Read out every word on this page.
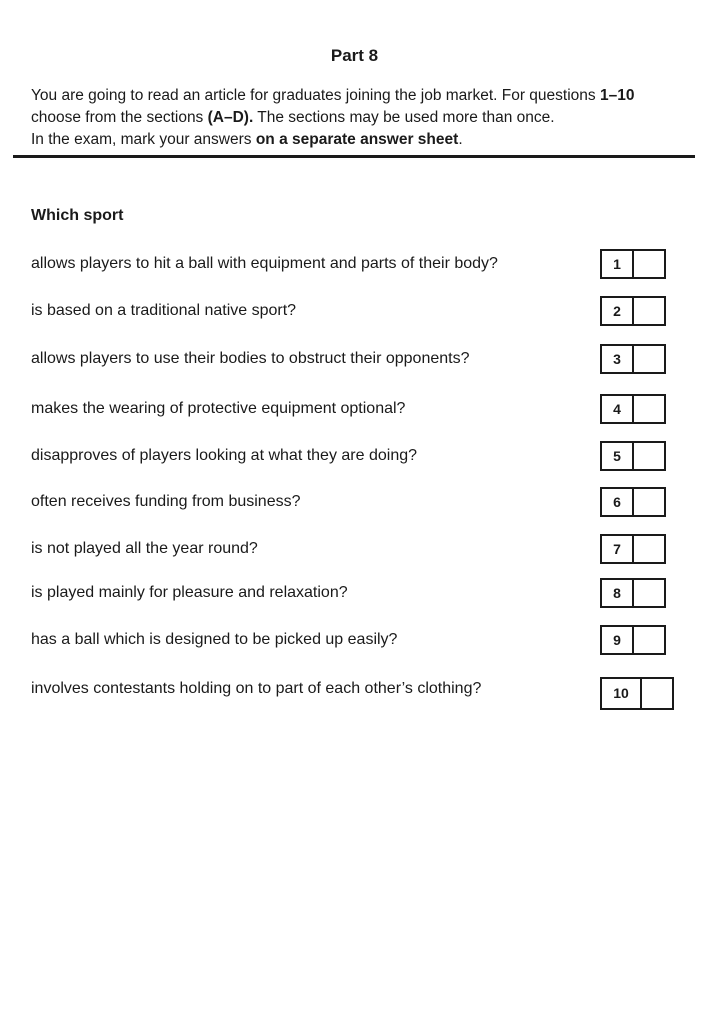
Part 8

You are going to read an article for graduates joining the job market. For questions 1–10

choose from the sections (A–D). The sections may be used more than once.

In the exam, mark your answers on a separate answer sheet.

Which sport
allows players to hit a ball with equipment and parts of their body?	1
is based on a traditional native sport?	2
allows players to use their bodies to obstruct their opponents?	3
makes the wearing of protective equipment optional?	4
disapproves of players looking at what they are doing?	5
often receives funding from business?	6
is not played all the year round?	7
is played mainly for pleasure and relaxation?	8
has a ball which is designed to be picked up easily?	9
involves contestants holding on to part of each other’s clothing?	10
